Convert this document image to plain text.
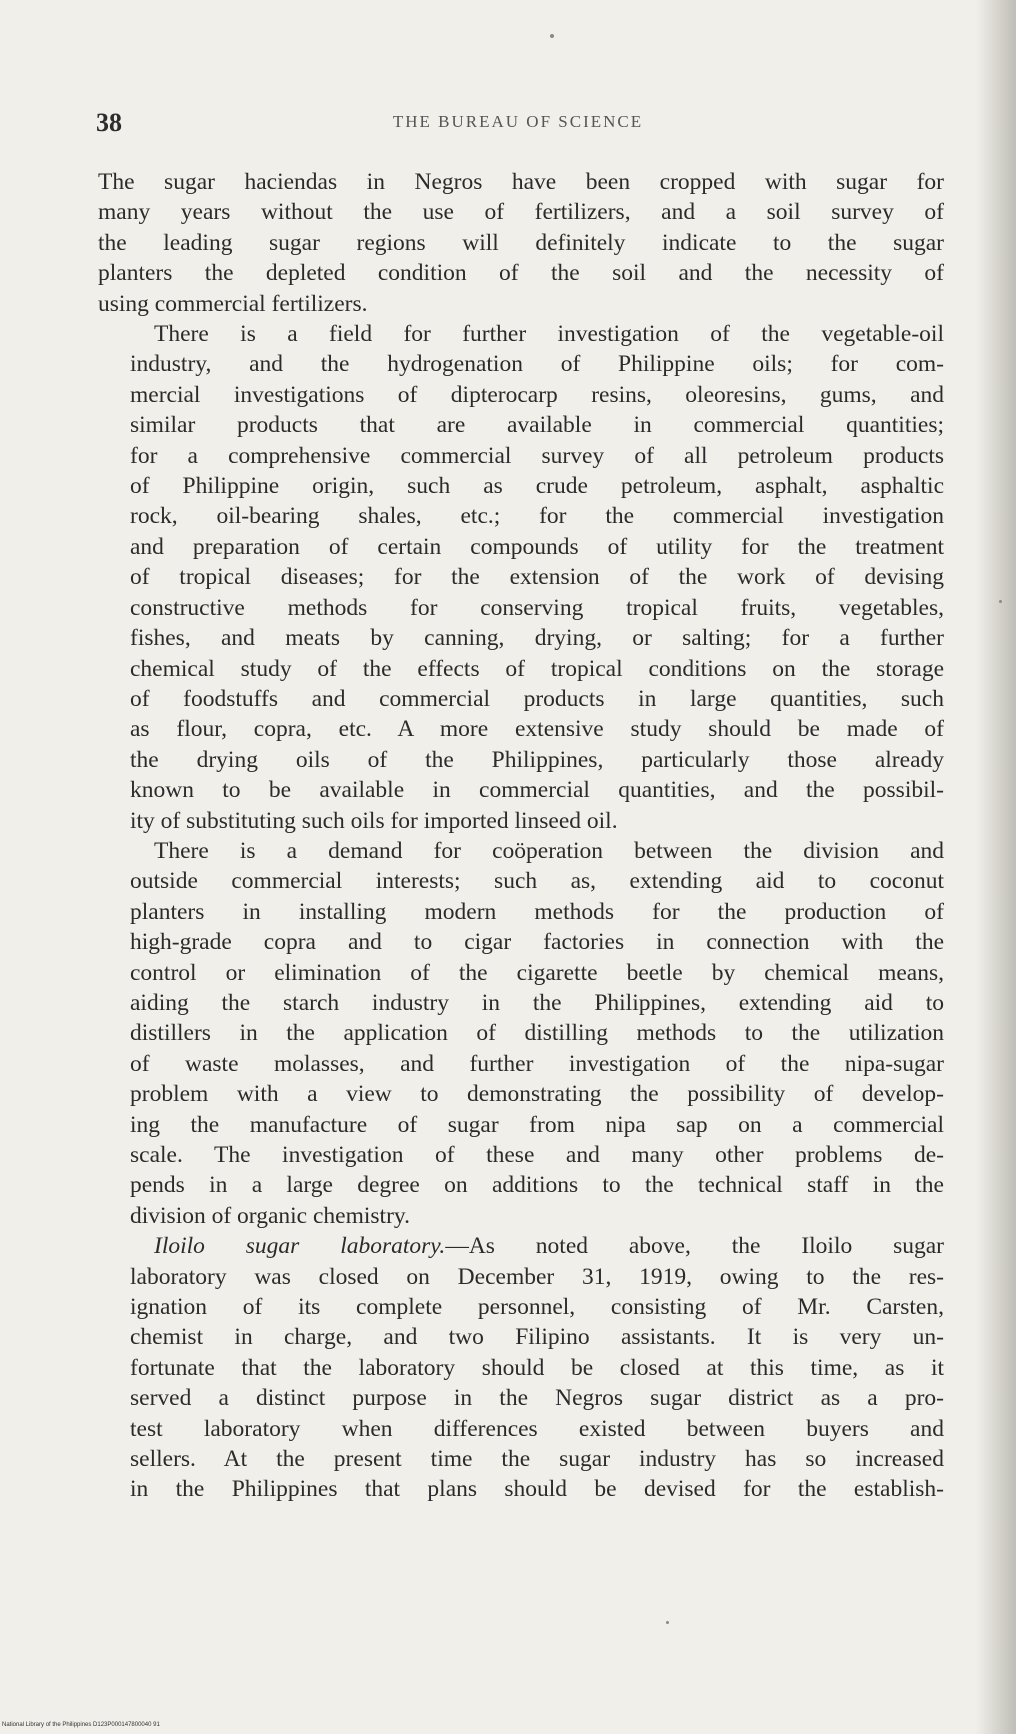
38	THE BUREAU OF SCIENCE
The sugar haciendas in Negros have been cropped with sugar for
many years without the use of fertilizers, and a soil survey of
the leading sugar regions will definitely indicate to the sugar
planters the depleted condition of the soil and the necessity of
using commercial fertilizers.
There is a field for further investigation of the vegetable-oil
industry, and the hydrogenation of Philippine oils; for com-
mercial investigations of dipterocarp resins, oleoresins, gums, and
similar products that are available in commercial quantities;
for a comprehensive commercial survey of all petroleum products
of Philippine origin, such as crude petroleum, asphalt, asphaltic
rock, oil-bearing shales, etc.; for the commercial investigation
and preparation of certain compounds of utility for the treatment
of tropical diseases; for the extension of the work of devising
constructive methods for conserving tropical fruits, vegetables,
fishes, and meats by canning, drying, or salting; for a further
chemical study of the effects of tropical conditions on the storage
of foodstuffs and commercial products in large quantities, such
as flour, copra, etc. A more extensive study should be made of
the drying oils of the Philippines, particularly those already
known to be available in commercial quantities, and the possibil-
ity of substituting such oils for imported linseed oil.
There is a demand for coöperation between the division and
outside commercial interests; such as, extending aid to coconut
planters in installing modern methods for the production of
high-grade copra and to cigar factories in connection with the
control or elimination of the cigarette beetle by chemical means,
aiding the starch industry in the Philippines, extending aid to
distillers in the application of distilling methods to the utilization
of waste molasses, and further investigation of the nipa-sugar
problem with a view to demonstrating the possibility of develop-
ing the manufacture of sugar from nipa sap on a commercial
scale. The investigation of these and many other problems de-
pends in a large degree on additions to the technical staff in the
division of organic chemistry.
Iloilo sugar laboratory.—As noted above, the Iloilo sugar
laboratory was closed on December 31, 1919, owing to the res-
ignation of its complete personnel, consisting of Mr. Carsten,
chemist in charge, and two Filipino assistants. It is very un-
fortunate that the laboratory should be closed at this time, as it
served a distinct purpose in the Negros sugar district as a pro-
test laboratory when differences existed between buyers and
sellers. At the present time the sugar industry has so increased
in the Philippines that plans should be devised for the establish-
National Library of the Philippines D123P000147800040 91
